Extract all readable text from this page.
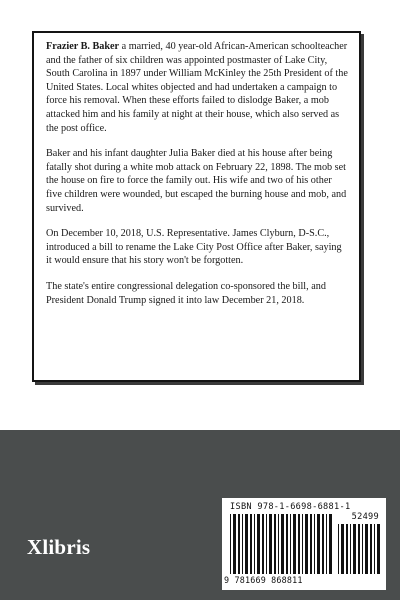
Frazier B. Baker a married, 40 year-old African-American schoolteacher and the father of six children was appointed postmaster of Lake City, South Carolina in 1897 under William McKinley the 25th President of the United States. Local whites objected and had undertaken a campaign to force his removal. When these efforts failed to dislodge Baker, a mob attacked him and his family at night at their house, which also served as the post office.

Baker and his infant daughter Julia Baker died at his house after being fatally shot during a white mob attack on February 22, 1898. The mob set the house on fire to force the family out. His wife and two of his other five children were wounded, but escaped the burning house and mob, and survived.

On December 10, 2018, U.S. Representative. James Clyburn, D-S.C., introduced a bill to rename the Lake City Post Office after Baker, saying it would ensure that his story won't be forgotten.

The state's entire congressional delegation co-sponsored the bill, and President Donald Trump signed it into law December 21, 2018.

Xlibris
ISBN 978-1-6698-6881-1
52499
9 781669 868811
